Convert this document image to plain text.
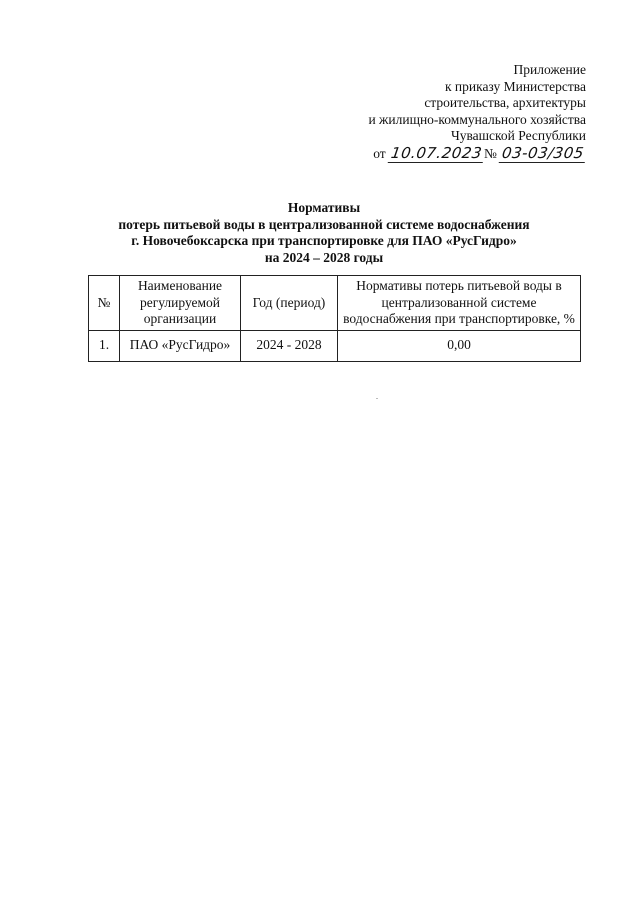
Приложение
к приказу Министерства
строительства, архитектуры
и жилищно-коммунального хозяйства
Чувашской Республики
от 10.07.2023№ 03-03/305
Нормативы
потерь питьевой воды в централизованной системе водоснабжения
г. Новочебоксарска при транспортировке для ПАО «РусГидро»
на 2024 – 2028 годы
№	Наименование регулируемой организации	Год (период)	Нормативы потерь питьевой воды в централизованной системе водоснабжения при транспортировке, %
1.	ПАО «РусГидро»	2024 - 2028	0,00
